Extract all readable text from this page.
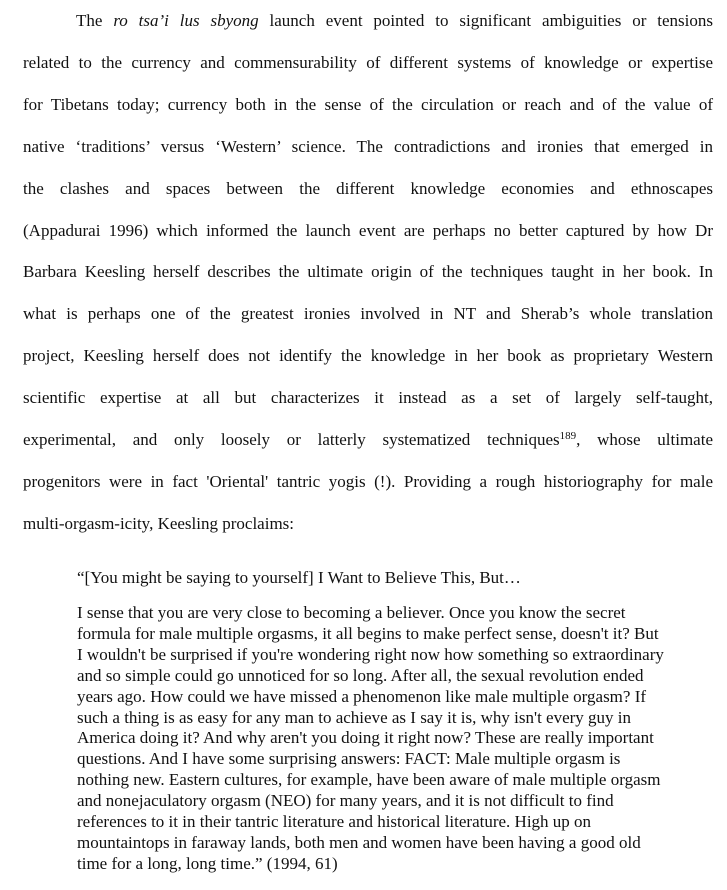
The ro tsa’i lus sbyong launch event pointed to significant ambiguities or tensions
related to the currency and commensurability of different systems of knowledge or expertise
for Tibetans today; currency both in the sense of the circulation or reach and of the value of
native ‘traditions’ versus ‘Western’ science. The contradictions and ironies that emerged in
the clashes and spaces between the different knowledge economies and ethnoscapes
(Appadurai 1996) which informed the launch event are perhaps no better captured by how Dr
Barbara Keesling herself describes the ultimate origin of the techniques taught in her book. In
what is perhaps one of the greatest ironies involved in NT and Sherab’s whole translation
project, Keesling herself does not identify the knowledge in her book as proprietary Western
scientific expertise at all but characterizes it instead as a set of largely self-taught,
experimental, and only loosely or latterly systematized techniques$^{189}$, whose ultimate
progenitors were in fact 'Oriental' tantric yogis (!). Providing a rough historiography for male
multi-orgasm-icity, Keesling proclaims:
“[You might be saying to yourself] I Want to Believe This, But…
I sense that you are very close to becoming a believer. Once you know the secret
formula for male multiple orgasms, it all begins to make perfect sense, doesn't it? But
I wouldn't be surprised if you're wondering right now how something so extraordinary
and so simple could go unnoticed for so long. After all, the sexual revolution ended
years ago. How could we have missed a phenomenon like male multiple orgasm? If
such a thing is as easy for any man to achieve as I say it is, why isn't every guy in
America doing it? And why aren't you doing it right now? These are really important
questions. And I have some surprising answers: FACT: Male multiple orgasm is
nothing new. Eastern cultures, for example, have been aware of male multiple orgasm
and nonejaculatory orgasm (NEO) for many years, and it is not difficult to find
references to it in their tantric literature and historical literature. High up on
mountaintops in faraway lands, both men and women have been having a good old
time for a long, long time.” (1994, 61)
